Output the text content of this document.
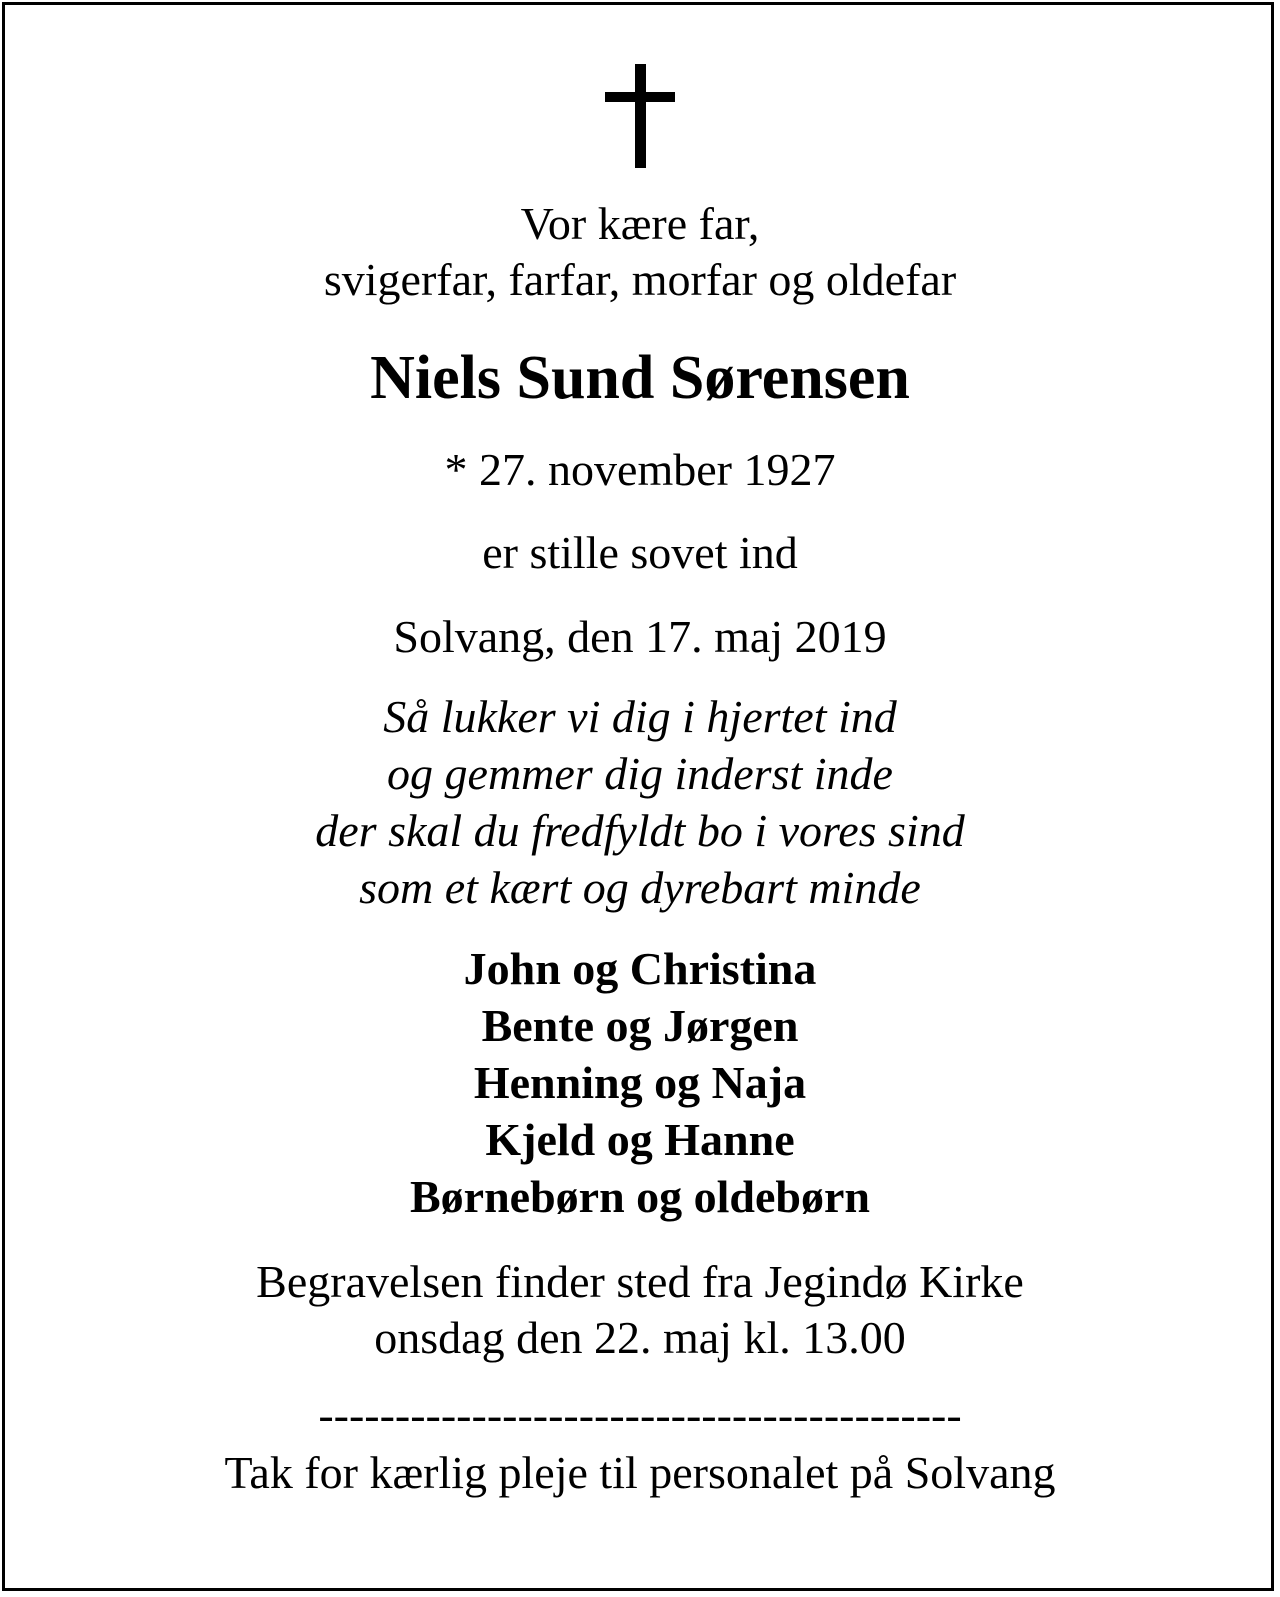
Vor kære far,
svigerfar, farfar, morfar og oldefar
Niels Sund Sørensen
* 27. november 1927
er stille sovet ind
Solvang, den 17. maj 2019
Så lukker vi dig i hjertet ind
og gemmer dig inderst inde
der skal du fredfyldt bo i vores sind
som et kært og dyrebart minde
John og Christina
Bente og Jørgen
Henning og Naja
Kjeld og Hanne
Børnebørn og oldebørn
Begravelsen finder sted fra Jegindø Kirke
onsdag den 22. maj kl. 13.00
------------------------------------------
Tak for kærlig pleje til personalet på Solvang
